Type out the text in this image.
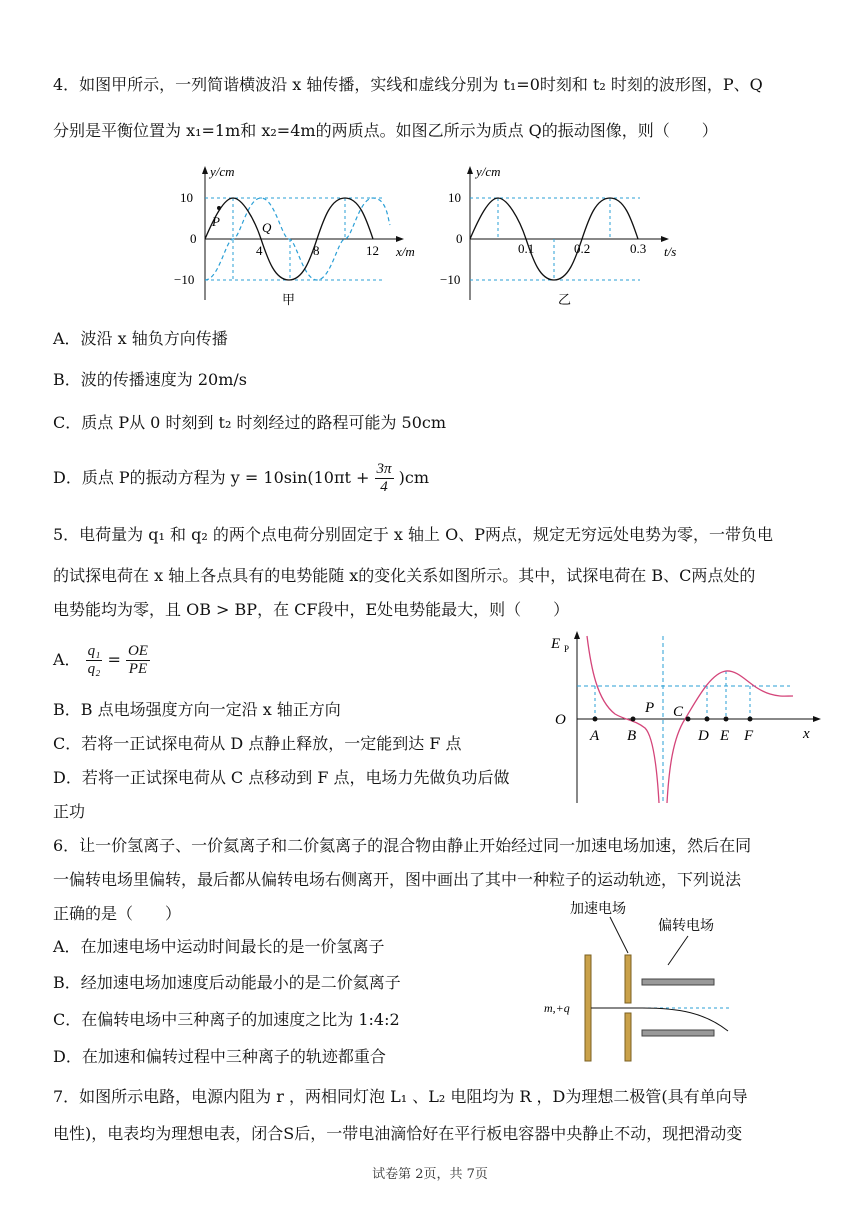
4．如图甲所示，一列简谐横波沿 x 轴传播，实线和虚线分别为 t₁=0时刻和 t₂ 时刻的波形图，P、Q
分别是平衡位置为 x₁=1m和 x₂=4m的两质点。如图乙所示为质点 Q的振动图像，则（　　）
y/cm
x/m
10
0
−10
4	8	12
P	Q
甲
y/cm
t/s
10
0
−10
0.1	0.2	0.3
乙
A．波沿 x 轴负方向传播
B．波的传播速度为 20m/s
C．质点 P从 0 时刻到 t₂ 时刻经过的路程可能为 50cm
D．质点 P的振动方程为 $y = 10\sin(10\pi t + \frac{3\pi}{4} )cm$
5．电荷量为 q₁ 和 q₂ 的两个点电荷分别固定于 x 轴上 O、P两点，规定无穷远处电势为零，一带负电
的试探电荷在 x 轴上各点具有的电势能随 x的变化关系如图所示。其中，试探电荷在 B、C两点处的
电势能均为零，且 OB > BP，在 CF段中，E处电势能最大，则（　　）
A． $\frac{\text{q₁}}{\text{q₂}} = \frac{OE}{PE}$
B．B 点电场强度方向一定沿 x 轴正方向
C．若将一正试探电荷从 D 点静止释放，一定能到达 F 点
D．若将一正试探电荷从 C 点移动到 F 点，电场力先做负功后做
正功
E P
O
x
A B
P C
D E F
6．让一价氢离子、一价氦离子和二价氦离子的混合物由静止开始经过同一加速电场加速，然后在同
一偏转电场里偏转，最后都从偏转电场右侧离开，图中画出了其中一种粒子的运动轨迹，下列说法
正确的是（　　）
A．在加速电场中运动时间最长的是一价氢离子
B．经加速电场加速度后动能最小的是二价氦离子
C．在偏转电场中三种离子的加速度之比为 1:4:2
D．在加速和偏转过程中三种离子的轨迹都重合
加速电场
偏转电场
m,+q
7．如图所示电路，电源内阻为 r ，两相同灯泡 L₁ 、L₂ 电阻均为 R ，D为理想二极管(具有单向导
电性)，电表均为理想电表，闭合S后，一带电油滴恰好在平行板电容器中央静止不动，现把滑动变
试卷第 2页，共 7页
